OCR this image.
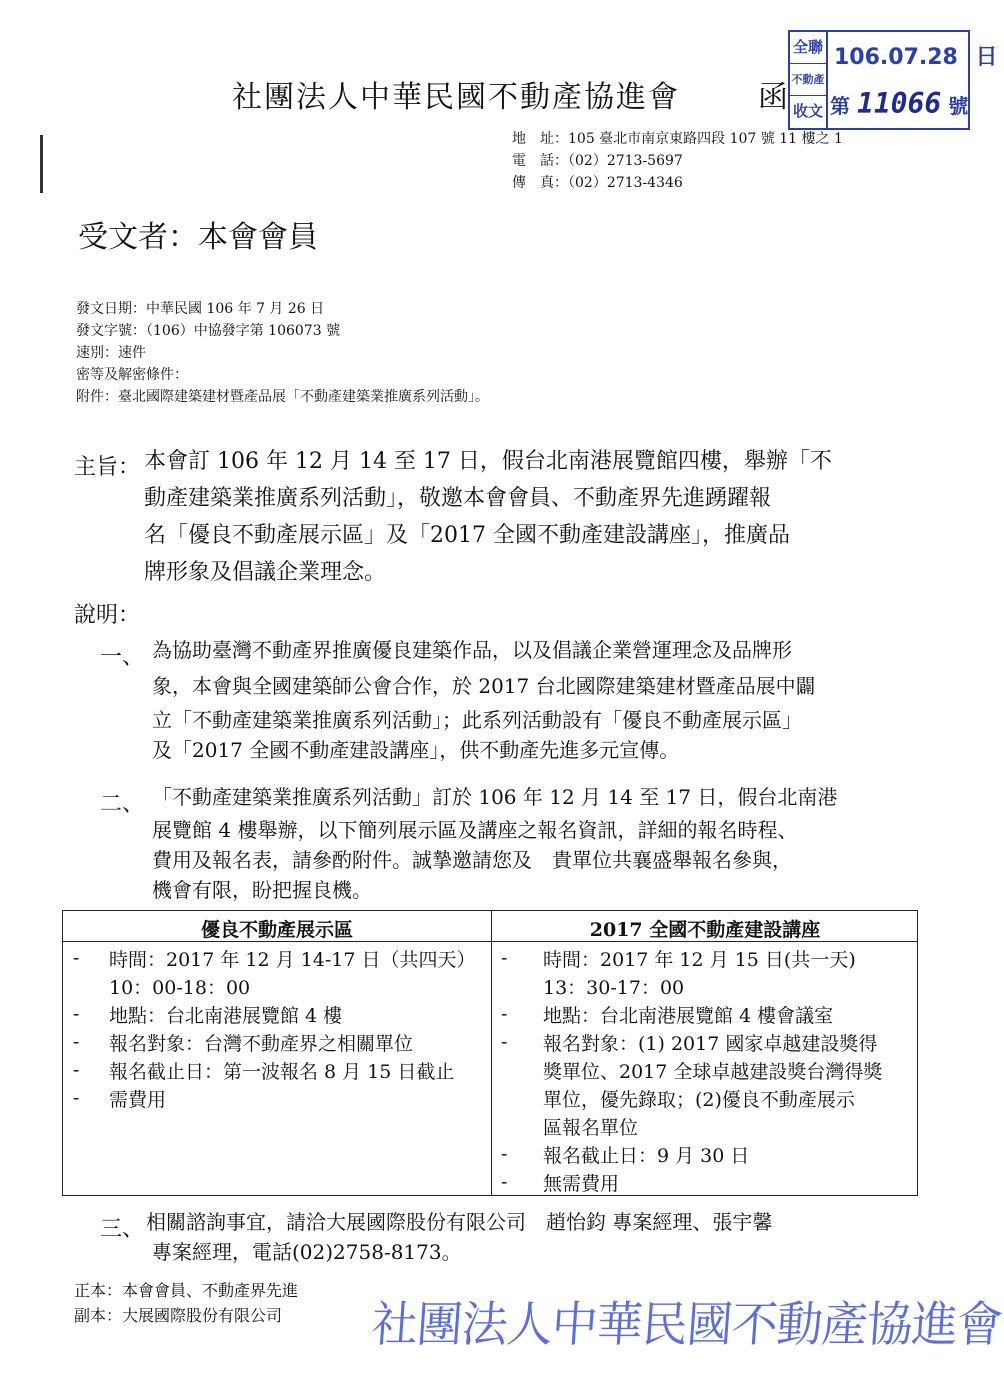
社團法人中華民國不動產協進會	函
全聯
不動產
收文
106.07.28 日
第 11066 號
地　址：105 臺北市南京東路四段 107 號 11 樓之 1
電　話：（02）2713-5697
傳　真：（02）2713-4346
受文者：本會會員
發文日期：中華民國 106 年 7 月 26 日
發文字號：（106）中協發字第 106073 號
速別：速件
密等及解密條件：
附件：臺北國際建築建材暨產品展「不動產建築業推廣系列活動」。
主旨： 本會訂 106 年 12 月 14 至 17 日，假台北南港展覽館四樓，舉辦「不
動產建築業推廣系列活動」，敬邀本會會員、不動產界先進踴躍報
名「優良不動產展示區」及「2017 全國不動產建設講座」，推廣品
牌形象及倡議企業理念。
說明：
一、 為協助臺灣不動產界推廣優良建築作品，以及倡議企業營運理念及品牌形
象，本會與全國建築師公會合作，於 2017 台北國際建築建材暨產品展中闢
立「不動產建築業推廣系列活動」；此系列活動設有「優良不動產展示區」
及「2017 全國不動產建設講座」，供不動產先進多元宣傳。
二、 「不動產建築業推廣系列活動」訂於 106 年 12 月 14 至 17 日，假台北南港
展覽館 4 樓舉辦，以下簡列展示區及講座之報名資訊，詳細的報名時程、
費用及報名表，請參酌附件。誠摯邀請您及　貴單位共襄盛舉報名參與，
機會有限，盼把握良機。
優良不動產展示區	2017 全國不動產建設講座
- 時間：2017 年 12 月 14-17 日（共四天）
10：00-18：00
- 地點：台北南港展覽館 4 樓
- 報名對象：台灣不動產界之相關單位
- 報名截止日：第一波報名 8 月 15 日截止
- 需費用
- 時間：2017 年 12 月 15 日(共一天)
13：30-17：00
- 地點：台北南港展覽館 4 樓會議室
- 報名對象：(1) 2017 國家卓越建設獎得
獎單位、2017 全球卓越建設獎台灣得獎
單位，優先錄取；(2)優良不動產展示
區報名單位
- 報名截止日：9 月 30 日
- 無需費用
三、 相關諮詢事宜，請洽大展國際股份有限公司　趙怡鈞 專案經理、張宇馨
專案經理，電話(02)2758-8173。
正本：本會會員、不動產界先進
副本：大展國際股份有限公司 社團法人中華民國不動產協進會
